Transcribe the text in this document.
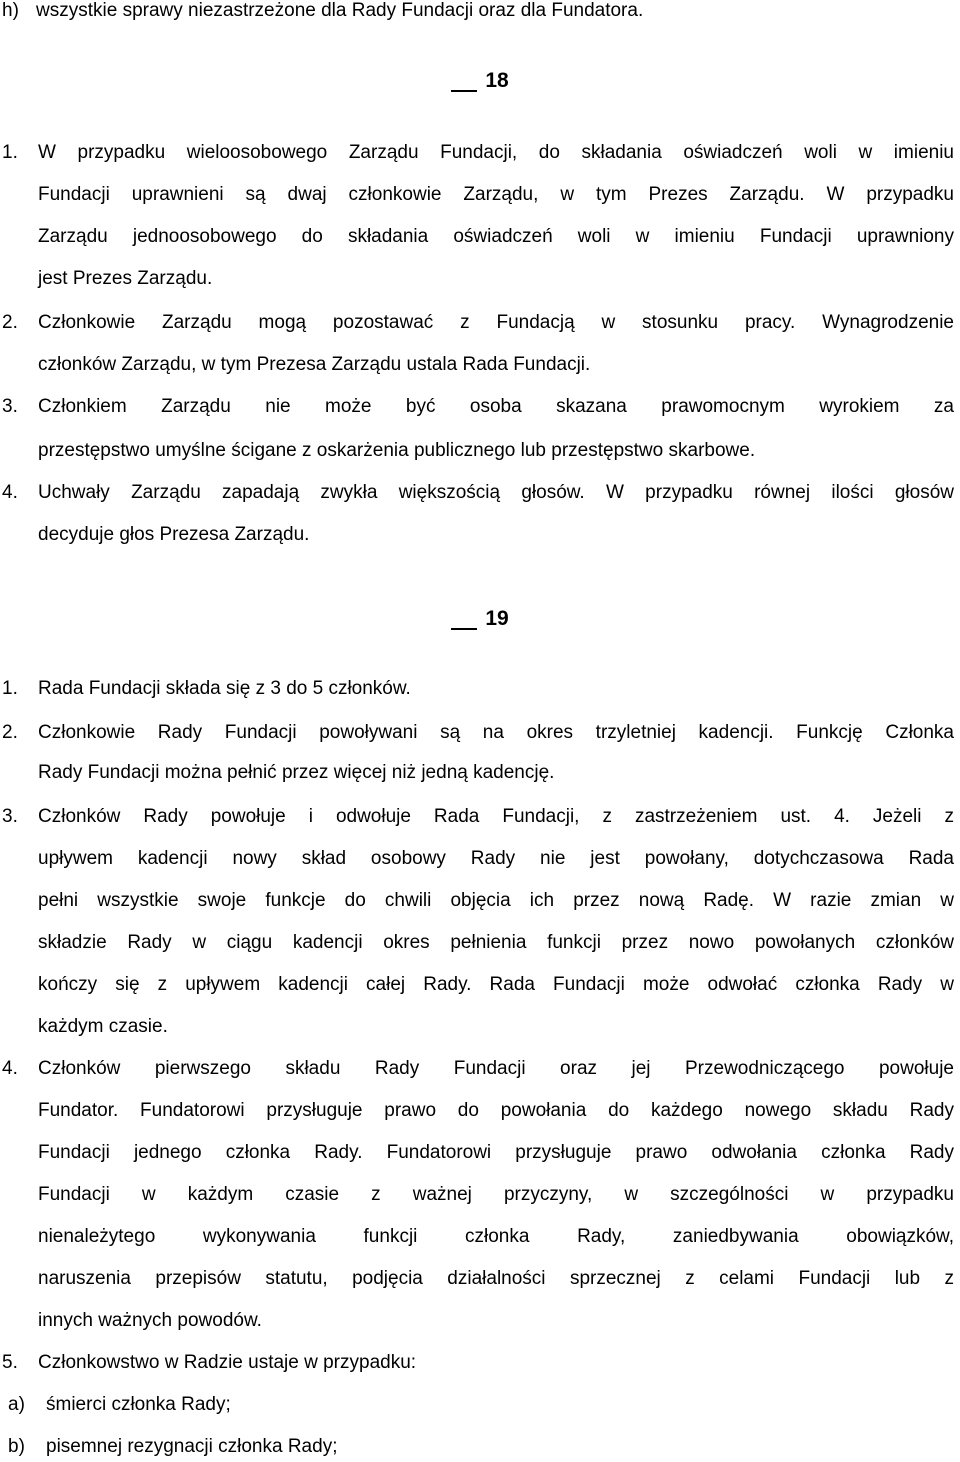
h) wszystkie sprawy niezastrzeżone dla Rady Fundacji oraz dla Fundatora.
18
1. W przypadku wieloosobowego Zarządu Fundacji, do składania oświadczeń woli w imieniu
Fundacji uprawnieni są dwaj członkowie Zarządu, w tym Prezes Zarządu. W przypadku
Zarządu jednoosobowego do składania oświadczeń woli w imieniu Fundacji uprawniony
jest Prezes Zarządu.
2. Członkowie Zarządu mogą pozostawać z Fundacją w stosunku pracy. Wynagrodzenie
członków Zarządu, w tym Prezesa Zarządu ustala Rada Fundacji.
3. Członkiem Zarządu nie może być osoba skazana prawomocnym wyrokiem za
przestępstwo umyślne ścigane z oskarżenia publicznego lub przestępstwo skarbowe.
4. Uchwały Zarządu zapadają zwykła większością głosów. W przypadku równej ilości głosów
decyduje głos Prezesa Zarządu.
19
1. Rada Fundacji składa się z 3 do 5 członków.
2. Członkowie Rady Fundacji powoływani są na okres trzyletniej kadencji. Funkcję Członka
Rady Fundacji można pełnić przez więcej niż jedną kadencję.
3. Członków Rady powołuje i odwołuje Rada Fundacji, z zastrzeżeniem ust. 4. Jeżeli z
upływem kadencji nowy skład osobowy Rady nie jest powołany, dotychczasowa Rada
pełni wszystkie swoje funkcje do chwili objęcia ich przez nową Radę. W razie zmian w
składzie Rady w ciągu kadencji okres pełnienia funkcji przez nowo powołanych członków
kończy się z upływem kadencji całej Rady. Rada Fundacji może odwołać członka Rady w
każdym czasie.
4. Członków pierwszego składu Rady Fundacji oraz jej Przewodniczącego powołuje
Fundator. Fundatorowi przysługuje prawo do powołania do każdego nowego składu Rady
Fundacji jednego członka Rady. Fundatorowi przysługuje prawo odwołania członka Rady
Fundacji w każdym czasie z ważnej przyczyny, w szczególności w przypadku
nienależytego wykonywania funkcji członka Rady, zaniedbywania obowiązków,
naruszenia przepisów statutu, podjęcia działalności sprzecznej z celami Fundacji lub z
innych ważnych powodów.
5. Członkowstwo w Radzie ustaje w przypadku:
a) śmierci członka Rady;
b) pisemnej rezygnacji członka Rady;
